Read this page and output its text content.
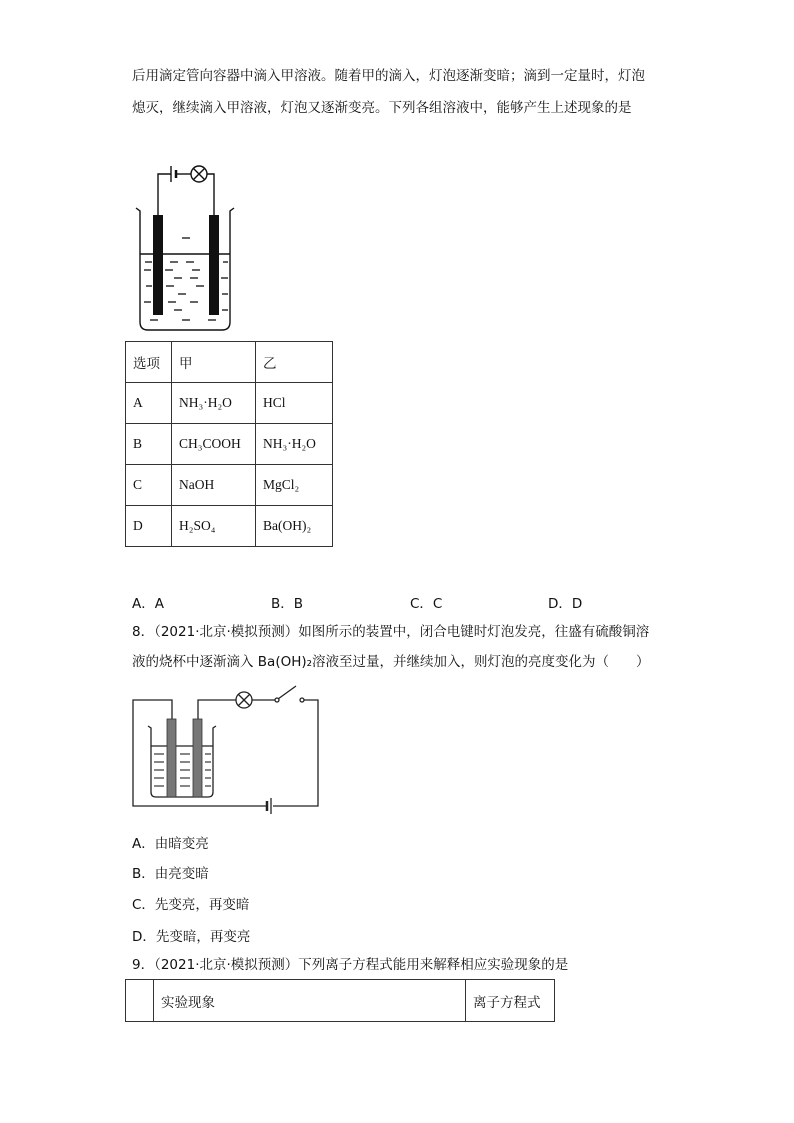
后用滴定管向容器中滴入甲溶液。随着甲的滴入，灯泡逐渐变暗；滴到一定量时，灯泡
熄灭，继续滴入甲溶液，灯泡又逐渐变亮。下列各组溶液中，能够产生上述现象的是
选项	甲	乙
A	NH₃·H₂O	HCl
B	CH₃COOH	NH₃·H₂O
C	NaOH	MgCl₂
D	H₂SO₄	Ba(OH)₂
A．A	B．B	C．C	D．D
8．（2021·北京·模拟预测）如图所示的装置中，闭合电键时灯泡发亮，往盛有硫酸铜溶
液的烧杯中逐渐滴入 Ba(OH)₂溶液至过量，并继续加入，则灯泡的亮度变化为（　　）
A．由暗变亮
B．由亮变暗
C．先变亮，再变暗
D．先变暗，再变亮
9．（2021·北京·模拟预测）下列离子方程式能用来解释相应实验现象的是
	实验现象	离子方程式
